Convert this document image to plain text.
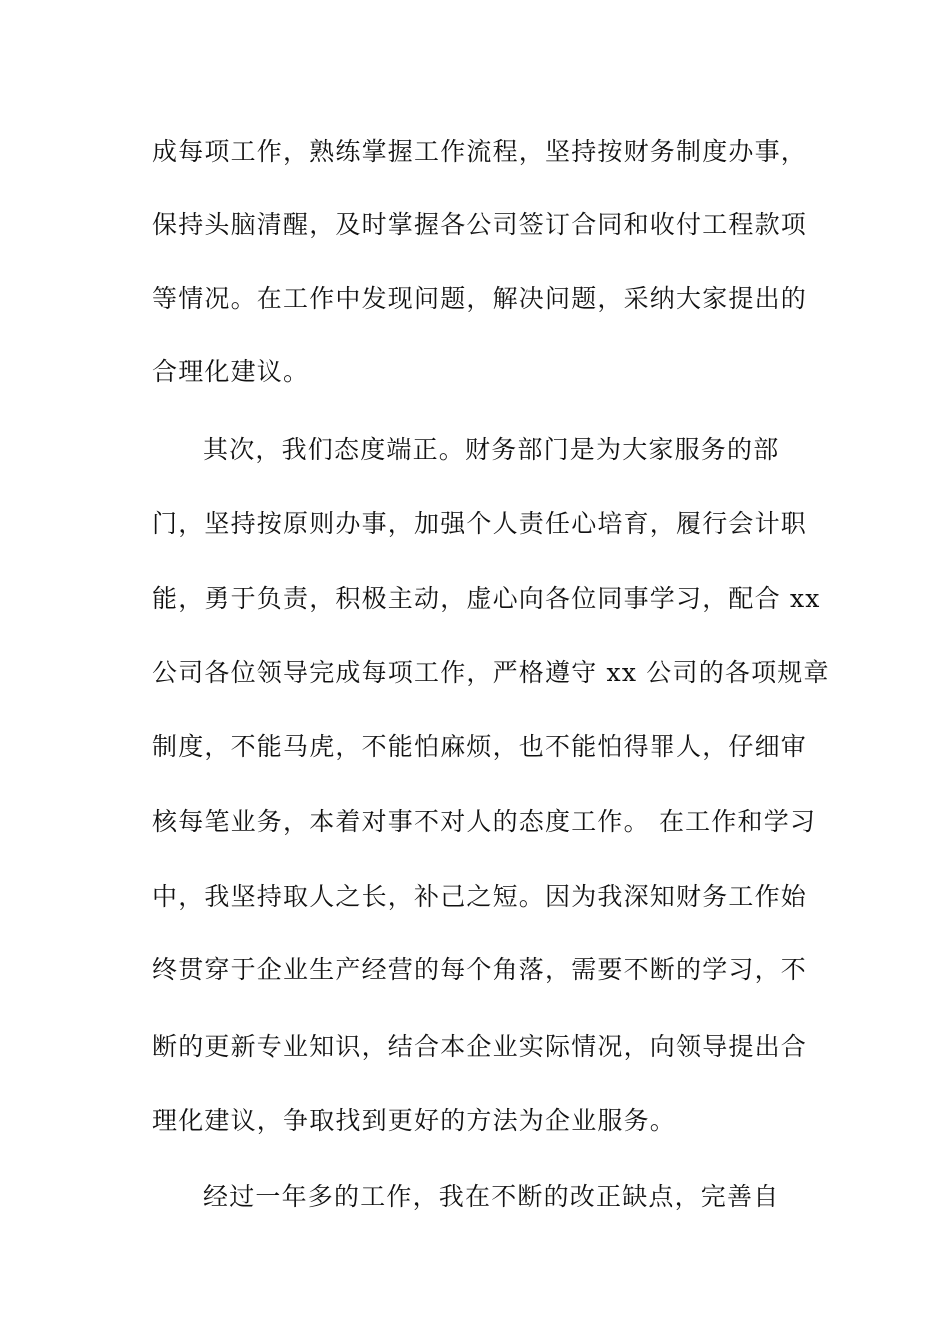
成每项工作，熟练掌握工作流程，坚持按财务制度办事，
保持头脑清醒，及时掌握各公司签订合同和收付工程款项
等情况。在工作中发现问题，解决问题，采纳大家提出的
合理化建议。
其次，我们态度端正。财务部门是为大家服务的部
门，坚持按原则办事，加强个人责任心培育，履行会计职
能，勇于负责，积极主动，虚心向各位同事学习，配合 xx
公司各位领导完成每项工作，严格遵守 xx 公司的各项规章
制度，不能马虎，不能怕麻烦，也不能怕得罪人，仔细审
核每笔业务，本着对事不对人的态度工作。 在工作和学习
中，我坚持取人之长，补己之短。因为我深知财务工作始
终贯穿于企业生产经营的每个角落，需要不断的学习，不
断的更新专业知识，结合本企业实际情况，向领导提出合
理化建议，争取找到更好的方法为企业服务。
经过一年多的工作，我在不断的改正缺点，完善自
